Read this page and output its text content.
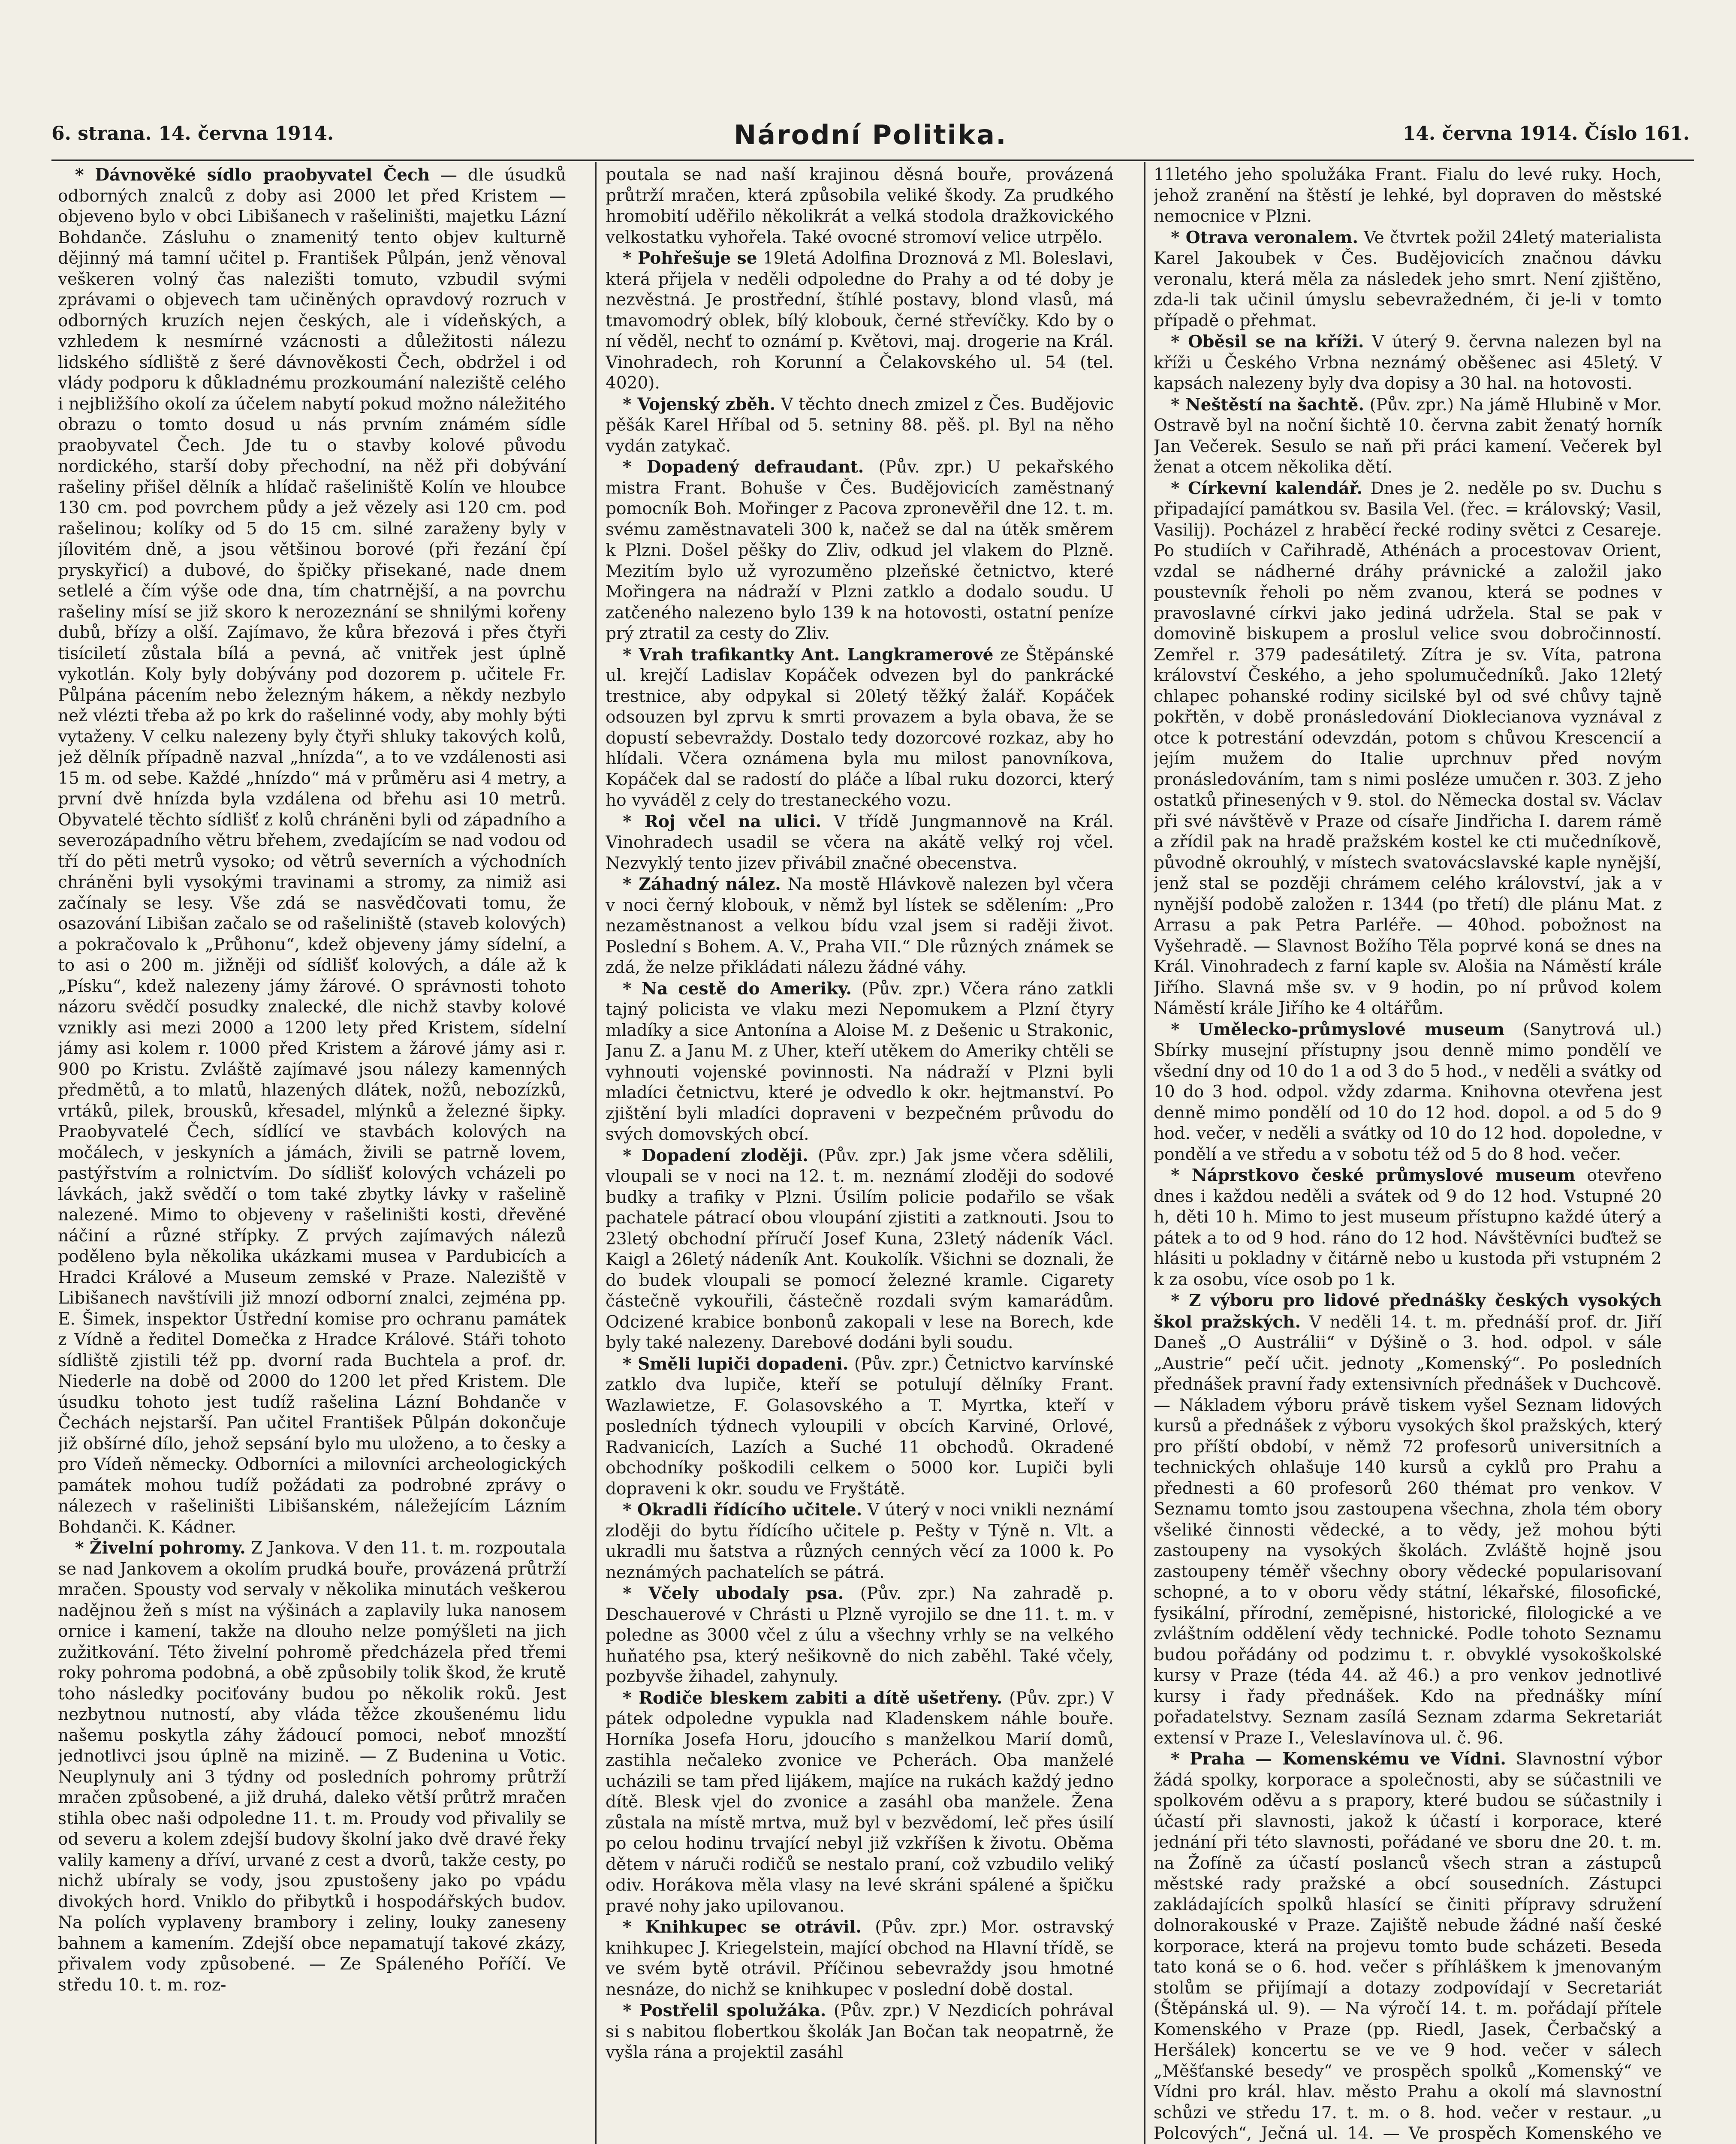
6. strana. 14. června 1914.	Národní Politika.	14. června 1914. Číslo 161.

* Dávnověké sídlo praobyvatel Čech — dle úsudků odborných znalců z doby asi 2000 let před Kristem — objeveno bylo v obci Libišanech v rašeliništi, majetku Lázní Bohdanče. Zásluhu o znamenitý tento objev kulturně dějinný má tamní učitel p. František Půlpán, jenž věnoval veškeren volný čas nalezišti tomuto, vzbudil svými zprávami o objevech tam učiněných opravdový rozruch v odborných kruzích nejen českých, ale i vídeňských, a vzhledem k nesmírné vzácnosti a důležitosti nálezu lidského sídliště z šeré dávnověkosti Čech, obdržel i od vlády podporu k důkladnému prozkoumání naleziště celého i nejbližšího okolí za účelem nabytí pokud možno náležitého obrazu o tomto dosud u nás prvním známém sídle praobyvatel Čech. Jde tu o stavby kolové původu nordického, starší doby přechodní, na něž při dobývání rašeliny přišel dělník a hlídač rašeliniště Kolín ve hloubce 130 cm. pod povrchem půdy a jež vězely asi 120 cm. pod rašelinou; kolíky od 5 do 15 cm. silné zaraženy byly v jílovitém dně, a jsou většinou borové (při řezání čpí pryskyřicí) a dubové, do špičky přisekané, nade dnem setlelé a čím výše ode dna, tím chatrnější, a na povrchu rašeliny mísí se již skoro k nerozeznání se shnilými kořeny dubů, břízy a olší. Zajímavo, že kůra březová i přes čtyři tisíciletí zůstala bílá a pevná, ač vnitřek jest úplně vykotlán. Koly byly dobývány pod dozorem p. učitele Fr. Půlpána pácením nebo železným hákem, a někdy nezbylo než vlézti třeba až po krk do rašelinné vody, aby mohly býti vytaženy. V celku nalezeny byly čtyři shluky takových kolů, jež dělník případně nazval „hnízda“, a to ve vzdálenosti asi 15 m. od sebe. Každé „hnízdo“ má v průměru asi 4 metry, a první dvě hnízda byla vzdálena od břehu asi 10 metrů. Obyvatelé těchto sídlišť z kolů chráněni byli od západního a severozápadního větru břehem, zvedajícím se nad vodou od tří do pěti metrů vysoko; od větrů severních a východních chráněni byli vysokými travinami a stromy, za nimiž asi začínaly se lesy. Vše zdá se nasvědčovati tomu, že osazování Libišan začalo se od rašeliniště (staveb kolových) a pokračovalo k „Průhonu“, kdež objeveny jámy sídelní, a to asi o 200 m. jižněji od sídlišť kolových, a dále až k „Písku“, kdež nalezeny jámy žárové. O správnosti tohoto názoru svědčí posudky znalecké, dle nichž stavby kolové vznikly asi mezi 2000 a 1200 lety před Kristem, sídelní jámy asi kolem r. 1000 před Kristem a žárové jámy asi r. 900 po Kristu. Zvláště zajímavé jsou nálezy kamenných předmětů, a to mlatů, hlazených dlátek, nožů, nebozízků, vrtáků, pilek, brousků, křesadel, mlýnků a železné šipky. Praobyvatelé Čech, sídlící ve stavbách kolových na močálech, v jeskyních a jámách, živili se patrně lovem, pastýřstvím a rolnictvím. Do sídlišť kolových vcházeli po lávkách, jakž svědčí o tom také zbytky lávky v rašelině nalezené. Mimo to objeveny v rašeliništi kosti, dřevěné náčiní a různé střípky. Z prvých zajímavých nálezů poděleno byla několika ukázkami musea v Pardubicích a Hradci Králové a Museum zemské v Praze. Naleziště v Libišanech navštívili již mnozí odborní znalci, zejména pp. E. Šimek, inspektor Ústřední komise pro ochranu památek z Vídně a ředitel Domečka z Hradce Králové. Stáři tohoto sídliště zjistili též pp. dvorní rada Buchtela a prof. dr. Niederle na době od 2000 do 1200 let před Kristem. Dle úsudku tohoto jest tudíž rašelina Lázní Bohdanče v Čechách nejstarší. Pan učitel František Půlpán dokončuje již obšírné dílo, jehož sepsání bylo mu uloženo, a to česky a pro Vídeň německy. Odborníci a milovníci archeologických památek mohou tudíž požádati za podrobné zprávy o nálezech v rašeliništi Libišanském, náležejícím Lázním Bohdanči. K. Kádner.

* Živelní pohromy. Z Jankova. V den 11. t. m. rozpoutala se nad Jankovem a okolím prudká bouře, provázená průtrží mračen. Spousty vod servaly v několika minutách veškerou nadějnou žeň s míst na výšinách a zaplavily luka nanosem ornice i kamení, takže na dlouho nelze pomýšleti na jich zužitkování. Této živelní pohromě předcházela před třemi roky pohroma podobná, a obě způsobily tolik škod, že krutě toho následky pociťovány budou po několik roků. Jest nezbytnou nutností, aby vláda těžce zkoušenému lidu našemu poskytla záhy žádoucí pomoci, neboť mnozští jednotlivci jsou úplně na mizině. — Z Budenina u Votic. Neuplynuly ani 3 týdny od posledních pohromy průtrží mračen způsobené, a již druhá, daleko větší průtrž mračen stihla obec naši odpoledne 11. t. m. Proudy vod přivalily se od severu a kolem zdejší budovy školní jako dvě dravé řeky valily kameny a dříví, urvané z cest a dvorů, takže cesty, po nichž ubíraly se vody, jsou zpustošeny jako po vpádu divokých hord. Vniklo do přibytků i hospodářských budov. Na polích vyplaveny brambory i zeliny, louky zaneseny bahnem a kamením. Zdejší obce nepamatují takové zkázy, přivalem vody způsobené. — Ze Spáleného Poříčí. Ve středu 10. t. m. roz-

poutala se nad naší krajinou děsná bouře, provázená průtrží mračen, která způsobila veliké škody. Za prudkého hromobití uděřilo několikrát a velká stodola dražkovického velkostatku vyhořela. Také ovocné stromoví velice utrpělo.

* Pohřešuje se 19letá Adolfina Droznová z Ml. Boleslavi, která přijela v neděli odpoledne do Prahy a od té doby je nezvěstná. Je prostřední, štíhlé postavy, blond vlasů, má tmavomodrý oblek, bílý klobouk, černé střevíčky. Kdo by o ní věděl, nechť to oznámí p. Květovi, maj. drogerie na Král. Vinohradech, roh Korunní a Čelakovského ul. 54 (tel. 4020).

* Vojenský zběh. V těchto dnech zmizel z Čes. Budějovic pěšák Karel Hříbal od 5. setniny 88. pěš. pl. Byl na něho vydán zatykač.

* Dopadený defraudant. (Pův. zpr.) U pekařského mistra Frant. Bohuše v Čes. Budějovicích zaměstnaný pomocník Boh. Mořinger z Pacova zpronevěřil dne 12. t. m. svému zaměstnavateli 300 k, načež se dal na útěk směrem k Plzni. Došel pěšky do Zliv, odkud jel vlakem do Plzně. Mezitím bylo už vyrozuměno plzeňské četnictvo, které Mořingera na nádraží v Plzni zatklo a dodalo soudu. U zatčeného nalezeno bylo 139 k na hotovosti, ostatní peníze prý ztratil za cesty do Zliv.

* Vrah trafikantky Ant. Langkramerové ze Štěpánské ul. krejčí Ladislav Kopáček odvezen byl do pankrácké trestnice, aby odpykal si 20letý těžký žalář. Kopáček odsouzen byl zprvu k smrti provazem a byla obava, že se dopustí sebevraždy. Dostalo tedy dozorcové rozkaz, aby ho hlídali. Včera oznámena byla mu milost panovníkova, Kopáček dal se radostí do pláče a líbal ruku dozorci, který ho vyváděl z cely do trestaneckého vozu.

* Roj včel na ulici. V třídě Jungmannově na Král. Vinohradech usadil se včera na akátě velký roj včel. Nezvyklý tento jizev přivábil značné obecenstva.

* Záhadný nález. Na mostě Hlávkově nalezen byl včera v noci černý klobouk, v němž byl lístek se sdělením: „Pro nezaměstnanost a velkou bídu vzal jsem si raději život. Poslední s Bohem. A. V., Praha VII.“ Dle různých známek se zdá, že nelze přikládati nálezu žádné váhy.

* Na cestě do Ameriky. (Pův. zpr.) Včera ráno zatkli tajný policista ve vlaku mezi Nepomukem a Plzní čtyry mladíky a sice Antonína a Aloise M. z Dešenic u Strakonic, Janu Z. a Janu M. z Uher, kteří utěkem do Ameriky chtěli se vyhnouti vojenské povinnosti. Na nádraží v Plzni byli mladíci četnictvu, které je odvedlo k okr. hejtmanství. Po zjištění byli mladíci dopraveni v bezpečném průvodu do svých domovských obcí.

* Dopadení zloději. (Pův. zpr.) Jak jsme včera sdělili, vloupali se v noci na 12. t. m. neznámí zloději do sodové budky a trafiky v Plzni. Úsilím policie podařilo se však pachatele pátrací obou vloupání zjistiti a zatknouti. Jsou to 23letý obchodní příručí Josef Kuna, 23letý nádeník Václ. Kaigl a 26letý nádeník Ant. Koukolík. Všichni se doznali, že do budek vloupali se pomocí železné kramle. Cigarety částečně vykouřili, částečně rozdali svým kamarádům. Odcizené krabice bonbonů zakopali v lese na Borech, kde byly také nalezeny. Darebové dodáni byli soudu.

* Směli lupiči dopadeni. (Pův. zpr.) Četnictvo karvínské zatklo dva lupiče, kteří se potulují dělníky Frant. Wazlawietze, F. Golasovského a T. Myrtka, kteří v posledních týdnech vyloupili v obcích Karviné, Orlové, Radvanicích, Lazích a Suché 11 obchodů. Okradené obchodníky poškodili celkem o 5000 kor. Lupiči byli dopraveni k okr. soudu ve Fryštátě.

* Okradli řídícího učitele. V úterý v noci vnikli neznámí zloději do bytu řídícího učitele p. Pešty v Týně n. Vlt. a ukradli mu šatstva a různých cenných věcí za 1000 k. Po neznámých pachatelích se pátrá.

* Včely ubodaly psa. (Pův. zpr.) Na zahradě p. Deschauerové v Chrásti u Plzně vyrojilo se dne 11. t. m. v poledne as 3000 včel z úlu a všechny vrhly se na velkého huňatého psa, který nešikovně do nich zaběhl. Také včely, pozbyvše žihadel, zahynuly.

* Rodiče bleskem zabiti a dítě ušetřeny. (Pův. zpr.) V pátek odpoledne vypukla nad Kladenskem náhle bouře. Horníka Josefa Horu, jdoucího s manželkou Marií domů, zastihla nečaleko zvonice ve Pcherách. Oba manželé ucházili se tam před lijákem, majíce na rukách každý jedno dítě. Blesk vjel do zvonice a zasáhl oba manžele. Žena zůstala na místě mrtva, muž byl v bezvědomí, leč přes úsilí po celou hodinu trvající nebyl již vzkříšen k životu. Oběma dětem v náruči rodičů se nestalo praní, což vzbudilo veliký odiv. Horákova měla vlasy na levé skráni spálené a špičku pravé nohy jako upilovanou.

* Knihkupec se otrávil. (Pův. zpr.) Mor. ostravský knihkupec J. Kriegelstein, mající obchod na Hlavní třídě, se ve svém bytě otrávil. Příčinou sebevraždy jsou hmotné nesnáze, do nichž se knihkupec v poslední době dostal.

* Postřelil spolužáka. (Pův. zpr.) V Nezdicích pohrával si s nabitou flobertkou školák Jan Bočan tak neopatrně, že vyšla rána a projektil zasáhl

11letého jeho spolužáka Frant. Fialu do levé ruky. Hoch, jehož zranění na štěstí je lehké, byl dopraven do městské nemocnice v Plzni.

* Otrava veronalem. Ve čtvrtek požil 24letý materialista Karel Jakoubek v Čes. Budějovicích značnou dávku veronalu, která měla za následek jeho smrt. Není zjištěno, zda-li tak učinil úmyslu sebevražedném, či je-li v tomto případě o přehmat.

* Oběsil se na kříži. V úterý 9. června nalezen byl na kříži u Českého Vrbna neznámý oběšenec asi 45letý. V kapsách nalezeny byly dva dopisy a 30 hal. na hotovosti.

* Neštěstí na šachtě. (Pův. zpr.) Na jámě Hlubině v Mor. Ostravě byl na noční šichtě 10. června zabit ženatý horník Jan Večerek. Sesulo se naň při práci kamení. Večerek byl ženat a otcem několika dětí.

* Církevní kalendář. Dnes je 2. neděle po sv. Duchu s připadající památkou sv. Basila Vel. (řec. = královský; Vasil, Vasilij). Pocházel z hraběcí řecké rodiny světci z Cesareje. Po studiích v Cařihradě, Athénách a procestovav Orient, vzdal se nádherné dráhy právnické a založil jako poustevník řeholi po něm zvanou, která se podnes v pravoslavné církvi jako jediná udržela. Stal se pak v domovině biskupem a proslul velice svou dobročinností. Zemřel r. 379 padesátiletý. Zítra je sv. Víta, patrona království Českého, a jeho spolumučedníků. Jako 12letý chlapec pohanské rodiny sicilské byl od své chůvy tajně pokřtěn, v době pronásledování Dioklecianova vyznával z otce k potrestání odevzdán, potom s chůvou Krescencií a jejím mužem do Italie uprchnuv před novým pronásledováním, tam s nimi posléze umučen r. 303. Z jeho ostatků přinesených v 9. stol. do Německa dostal sv. Václav při své návštěvě v Praze od císaře Jindřicha I. darem rámě a zřídil pak na hradě pražském kostel ke cti mučedníkově, původně okrouhlý, v místech svatovácslavské kaple nynější, jenž stal se později chrámem celého království, jak a v nynější podobě založen r. 1344 (po třetí) dle plánu Mat. z Arrasu a pak Petra Parléře. — 40hod. pobožnost na Vyšehradě. — Slavnost Božího Těla poprvé koná se dnes na Král. Vinohradech z farní kaple sv. Alošia na Náměstí krále Jiřího. Slavná mše sv. v 9 hodin, po ní průvod kolem Náměstí krále Jiřího ke 4 oltářům.

* Umělecko-průmyslové museum (Sanytrová ul.) Sbírky musejní přístupny jsou denně mimo pondělí ve všední dny od 10 do 1 a od 3 do 5 hod., v neděli a svátky od 10 do 3 hod. odpol. vždy zdarma. Knihovna otevřena jest denně mimo pondělí od 10 do 12 hod. dopol. a od 5 do 9 hod. večer, v neděli a svátky od 10 do 12 hod. dopoledne, v pondělí a ve středu a v sobotu též od 5 do 8 hod. večer.

* Náprstkovo české průmyslové museum otevřeno dnes i každou neděli a svátek od 9 do 12 hod. Vstupné 20 h, děti 10 h. Mimo to jest museum přístupno každé úterý a pátek a to od 9 hod. ráno do 12 hod. Návštěvníci buďtež se hlásiti u pokladny v čitárně nebo u kustoda při vstupném 2 k za osobu, více osob po 1 k.

* Z výboru pro lidové přednášky českých vysokých škol pražských. V neděli 14. t. m. přednáší prof. dr. Jiří Daneš „O Austrálii“ v Dýšině o 3. hod. odpol. v sále „Austrie“ pečí učit. jednoty „Komenský“. Po posledních přednášek pravní řady extensivních přednášek v Duchcově. — Nákladem výboru právě tiskem vyšel Seznam lidových kursů a přednášek z výboru vysokých škol pražských, který pro příští období, v němž 72 profesorů universitních a technických ohlašuje 140 kursů a cyklů pro Prahu a přednesti a 60 profesorů 260 thémat pro venkov. V Seznamu tomto jsou zastoupena všechna, zhola tém obory všeliké činnosti vědecké, a to vědy, jež mohou býti zastoupeny na vysokých školách. Zvláště hojně jsou zastoupeny téměř všechny obory vědecké popularisovaní schopné, a to v oboru vědy státní, lékařské, filosofické, fysikální, přírodní, zeměpisné, historické, filologické a ve zvláštním oddělení vědy technické. Podle tohoto Seznamu budou pořádány od podzimu t. r. obvyklé vysokoškolské kursy v Praze (téda 44. až 46.) a pro venkov jednotlivé kursy i řady přednášek. Kdo na přednášky míní pořadatelstvy. Seznam zasílá Seznam zdarma Sekretariát extensí v Praze I., Veleslavínova ul. č. 96.

* Praha — Komenskému ve Vídni. Slavnostní výbor žádá spolky, korporace a společnosti, aby se súčastnili ve spolkovém oděvu a s prapory, které budou se súčastnily i účastí při slavnosti, jakož k účastí i korporace, které jednání při této slavnosti, pořádané ve sboru dne 20. t. m. na Žofíně za účastí poslanců všech stran a zástupců městské rady pražské a obcí sousedních. Zástupci zakládajících spolků hlasící se činiti přípravy sdružení dolnorakouské v Praze. Zajiště nebude žádné naší české korporace, která na projevu tomto bude scházeti. Beseda tato koná se o 6. hod. večer s příhláškem k jmenovaným stolům se přijímají a dotazy zodpovídají v Secretariát (Štěpánská ul. 9). — Na výročí 14. t. m. pořádají přítele Komenského v Praze (pp. Riedl, Jasek, Čerbačský a Heršálek) koncertu se ve ve 9 hod. večer v sálech „Měšťanské besedy“ ve prospěch spolků „Komenský“ ve Vídni pro král. hlav. město Prahu a okolí má slavnostní schůzi ve středu 17. t. m. o 8. hod. večer v restaur. „u Polcových“, Ječná ul. 14. — Ve prospěch Komenského ve
